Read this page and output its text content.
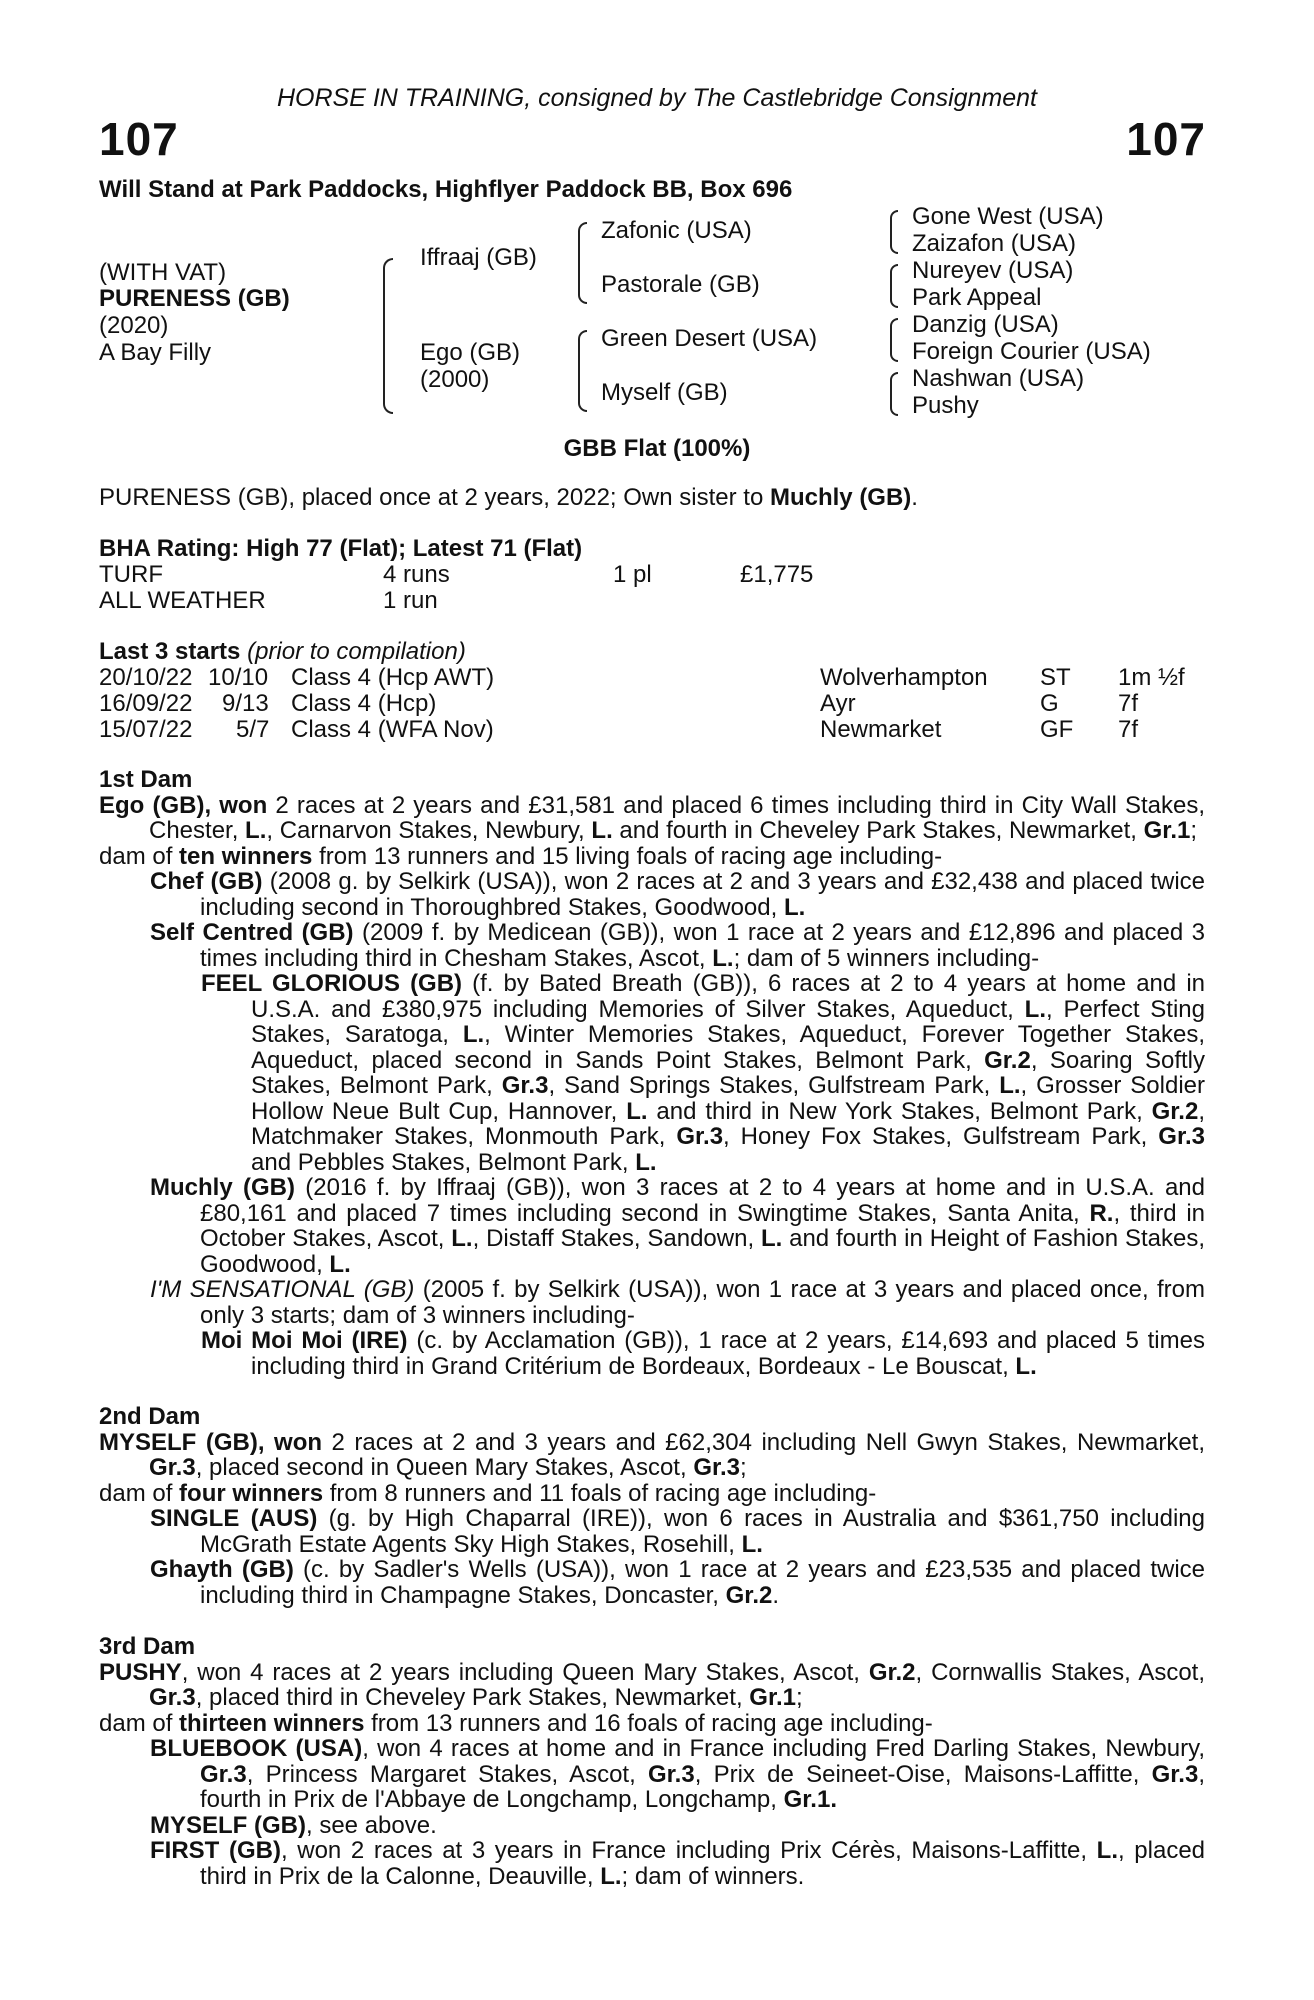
HORSE IN TRAINING, consigned by The Castlebridge Consignment
107	107
Will Stand at Park Paddocks, Highflyer Paddock BB, Box 696
(WITH VAT)
PURENESS (GB)
(2020)
A Bay Filly
Iffraaj (GB)
Ego (GB)
(2000)
Zafonic (USA)
Pastorale (GB)
Green Desert (USA)
Myself (GB)
Gone West (USA)
Zaizafon (USA)
Nureyev (USA)
Park Appeal
Danzig (USA)
Foreign Courier (USA)
Nashwan (USA)
Pushy
GBB Flat (100%)
PURENESS (GB), placed once at 2 years, 2022; Own sister to Muchly (GB).
BHA Rating: High 77 (Flat); Latest 71 (Flat)
TURF	4 runs	1 pl	£1,775
ALL WEATHER	1 run
Last 3 starts (prior to compilation)
20/10/22 10/10 Class 4 (Hcp AWT)	Wolverhampton ST 1m ½f
16/09/22 9/13 Class 4 (Hcp)	Ayr	G 7f
15/07/22 5/7 Class 4 (WFA Nov)	Newmarket	GF 7f
1st Dam

Ego (GB), won 2 races at 2 years and £31,581 and placed 6 times including third in City Wall Stakes, Chester, L., Carnarvon Stakes, Newbury, L. and fourth in Cheveley Park Stakes, Newmarket, Gr.1;

dam of ten winners from 13 runners and 15 living foals of racing age including-

Chef (GB) (2008 g. by Selkirk (USA)), won 2 races at 2 and 3 years and £32,438 and placed twice including second in Thoroughbred Stakes, Goodwood, L.

Self Centred (GB) (2009 f. by Medicean (GB)), won 1 race at 2 years and £12,896 and placed 3 times including third in Chesham Stakes, Ascot, L.; dam of 5 winners including-

FEEL GLORIOUS (GB) (f. by Bated Breath (GB)), 6 races at 2 to 4 years at home and in U.S.A. and £380,975 including Memories of Silver Stakes, Aqueduct, L., Perfect Sting Stakes, Saratoga, L., Winter Memories Stakes, Aqueduct, Forever Together Stakes, Aqueduct, placed second in Sands Point Stakes, Belmont Park, Gr.2, Soaring Softly Stakes, Belmont Park, Gr.3, Sand Springs Stakes, Gulfstream Park, L., Grosser Soldier Hollow Neue Bult Cup, Hannover, L. and third in New York Stakes, Belmont Park, Gr.2, Matchmaker Stakes, Monmouth Park, Gr.3, Honey Fox Stakes, Gulfstream Park, Gr.3 and Pebbles Stakes, Belmont Park, L.

Muchly (GB) (2016 f. by Iffraaj (GB)), won 3 races at 2 to 4 years at home and in U.S.A. and £80,161 and placed 7 times including second in Swingtime Stakes, Santa Anita, R., third in October Stakes, Ascot, L., Distaff Stakes, Sandown, L. and fourth in Height of Fashion Stakes, Goodwood, L.

I'M SENSATIONAL (GB) (2005 f. by Selkirk (USA)), won 1 race at 3 years and placed once, from only 3 starts; dam of 3 winners including-

Moi Moi Moi (IRE) (c. by Acclamation (GB)), 1 race at 2 years, £14,693 and placed 5 times including third in Grand Critérium de Bordeaux, Bordeaux - Le Bouscat, L.

2nd Dam

MYSELF (GB), won 2 races at 2 and 3 years and £62,304 including Nell Gwyn Stakes, Newmarket, Gr.3, placed second in Queen Mary Stakes, Ascot, Gr.3;

dam of four winners from 8 runners and 11 foals of racing age including-

SINGLE (AUS) (g. by High Chaparral (IRE)), won 6 races in Australia and $361,750 including McGrath Estate Agents Sky High Stakes, Rosehill, L.

Ghayth (GB) (c. by Sadler's Wells (USA)), won 1 race at 2 years and £23,535 and placed twice including third in Champagne Stakes, Doncaster, Gr.2.

3rd Dam

PUSHY, won 4 races at 2 years including Queen Mary Stakes, Ascot, Gr.2, Cornwallis Stakes, Ascot, Gr.3, placed third in Cheveley Park Stakes, Newmarket, Gr.1;

dam of thirteen winners from 13 runners and 16 foals of racing age including-

BLUEBOOK (USA), won 4 races at home and in France including Fred Darling Stakes, Newbury, Gr.3, Princess Margaret Stakes, Ascot, Gr.3, Prix de Seineet-Oise, Maisons-Laffitte, Gr.3, fourth in Prix de l'Abbaye de Longchamp, Longchamp, Gr.1.

MYSELF (GB), see above.

FIRST (GB), won 2 races at 3 years in France including Prix Cérès, Maisons-Laffitte, L., placed third in Prix de la Calonne, Deauville, L.; dam of winners.
